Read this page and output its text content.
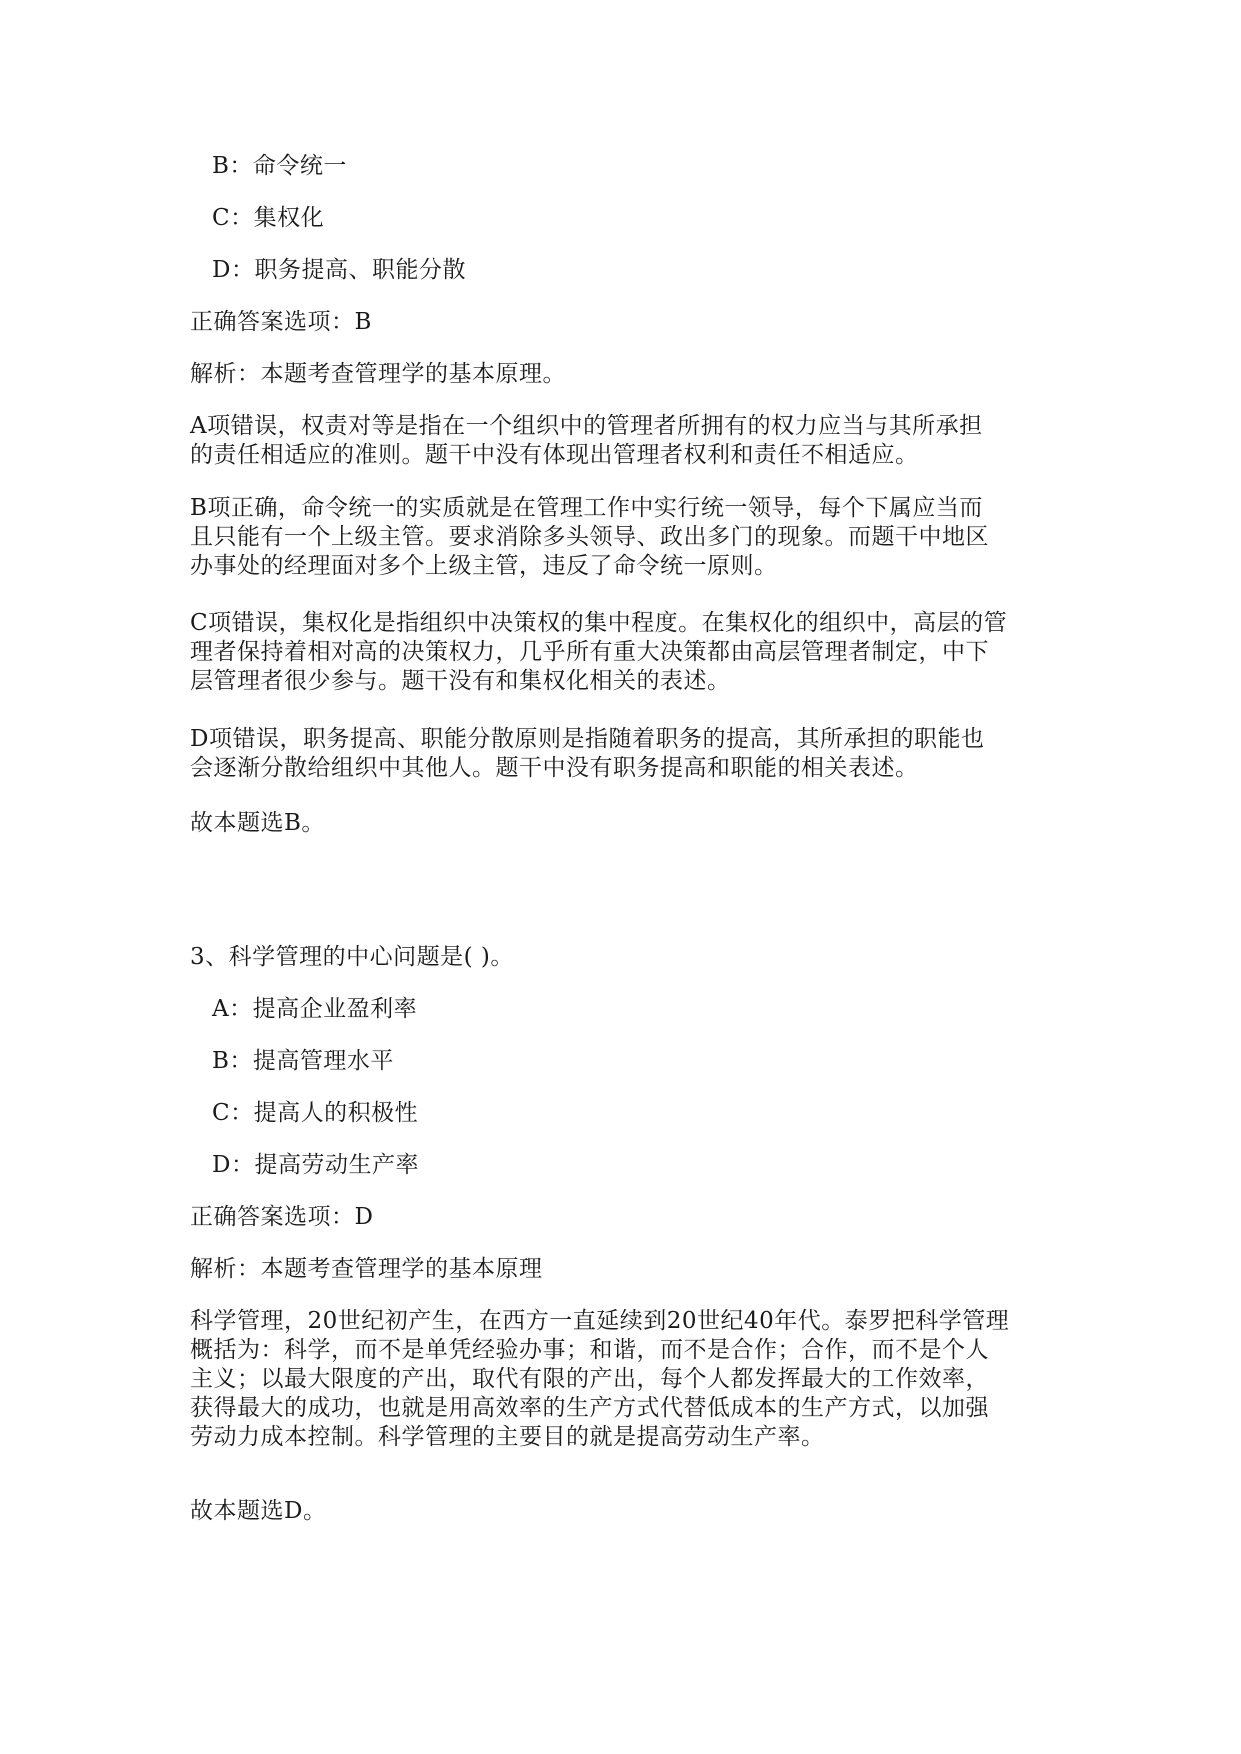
B：命令统一
C：集权化
D：职务提高、职能分散
正确答案选项：B
解析：本题考查管理学的基本原理。
A项错误，权责对等是指在一个组织中的管理者所拥有的权力应当与其所承担
的责任相适应的准则。题干中没有体现出管理者权利和责任不相适应。
B项正确，命令统一的实质就是在管理工作中实行统一领导，每个下属应当而
且只能有一个上级主管。要求消除多头领导、政出多门的现象。而题干中地区
办事处的经理面对多个上级主管，违反了命令统一原则。
C项错误，集权化是指组织中决策权的集中程度。在集权化的组织中，高层的管
理者保持着相对高的决策权力，几乎所有重大决策都由高层管理者制定，中下
层管理者很少参与。题干没有和集权化相关的表述。
D项错误，职务提高、职能分散原则是指随着职务的提高，其所承担的职能也
会逐渐分散给组织中其他人。题干中没有职务提高和职能的相关表述。
故本题选B。
3、科学管理的中心问题是( )。
A：提高企业盈利率
B：提高管理水平
C：提高人的积极性
D：提高劳动生产率
正确答案选项：D
解析：本题考查管理学的基本原理
科学管理，20世纪初产生，在西方一直延续到20世纪40年代。泰罗把科学管理
概括为：科学，而不是单凭经验办事；和谐，而不是合作；合作，而不是个人
主义；以最大限度的产出，取代有限的产出，每个人都发挥最大的工作效率，
获得最大的成功，也就是用高效率的生产方式代替低成本的生产方式，以加强
劳动力成本控制。科学管理的主要目的就是提高劳动生产率。
故本题选D。
